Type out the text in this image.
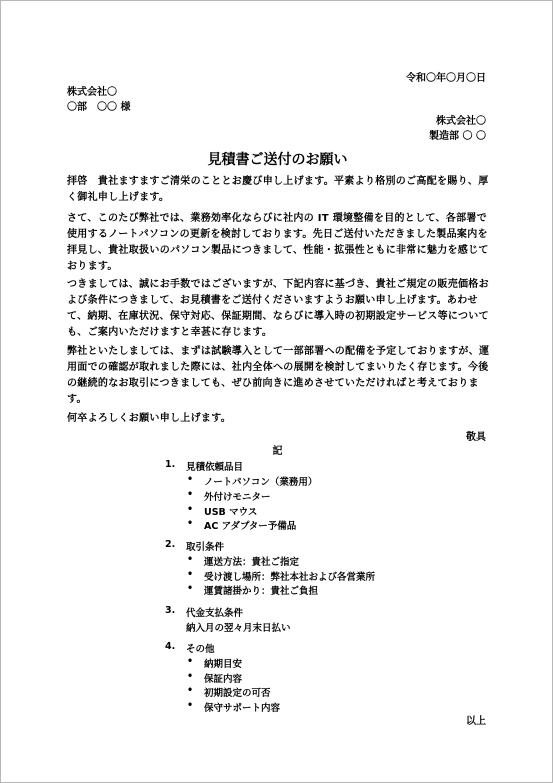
令和〇年〇月〇日
株式会社〇
〇部　〇〇 様
株式会社〇
製造部 〇 〇
見積書ご送付のお願い
拝啓　貴社ますますご清栄のこととお慶び申し上げます。平素より格別のご高配を賜り、厚く御礼申し上げます。
さて、このたび弊社では、業務効率化ならびに社内の IT 環境整備を目的として、各部署で使用するノートパソコンの更新を検討しております。先日ご送付いただきました製品案内を拝見し、貴社取扱いのパソコン製品につきまして、性能・拡張性ともに非常に魅力を感じております。
つきましては、誠にお手数ではございますが、下記内容に基づき、貴社ご規定の販売価格および条件につきまして、お見積書をご送付くださいますようお願い申し上げます。あわせて、納期、在庫状況、保守対応、保証期間、ならびに導入時の初期設定サービス等についても、ご案内いただけますと幸甚に存じます。
弊社といたしましては、まずは試験導入として一部部署への配備を予定しておりますが、運用面での確認が取れました際には、社内全体への展開を検討してまいりたく存じます。今後の継続的なお取引につきましても、ぜひ前向きに進めさせていただければと考えております。
何卒よろしくお願い申し上げます。
敬具
記
1. 見積依頼品目
• ノートパソコン（業務用）
• 外付けモニター
• USB マウス
• AC アダプター予備品
2. 取引条件
• 運送方法：貴社ご指定
• 受け渡し場所：弊社本社および各営業所
• 運賃諸掛かり：貴社ご負担
3. 代金支払条件
納入月の翌々月末日払い
4. その他
• 納期目安
• 保証内容
• 初期設定の可否
• 保守サポート内容
以上
